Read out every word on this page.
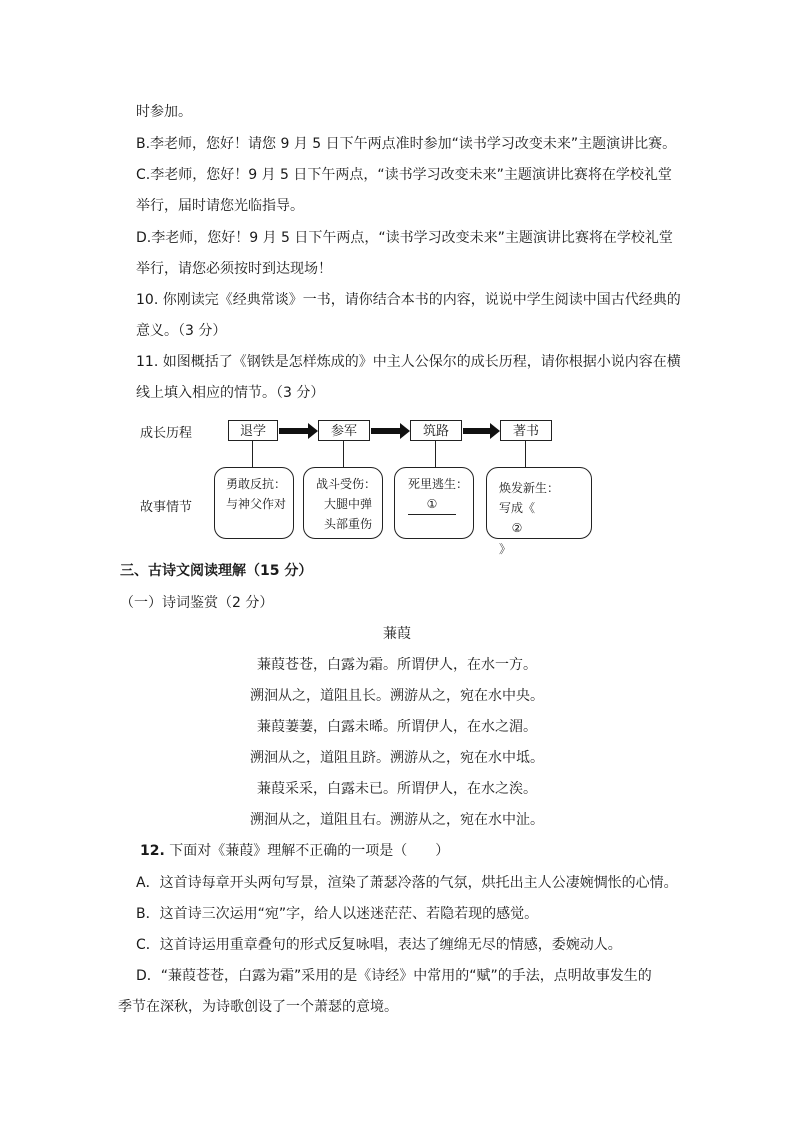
时参加。
B.李老师，您好！请您 9 月 5 日下午两点准时参加“读书学习改变未来”主题演讲比赛。
C.李老师，您好！9 月 5 日下午两点，“读书学习改变未来”主题演讲比赛将在学校礼堂
举行，届时请您光临指导。
D.李老师，您好！9 月 5 日下午两点，“读书学习改变未来”主题演讲比赛将在学校礼堂
举行，请您必须按时到达现场！
10. 你刚读完《经典常谈》一书，请你结合本书的内容，说说中学生阅读中国古代经典的
意义。（3 分）
11. 如图概括了《钢铁是怎样炼成的》中主人公保尔的成长历程，请你根据小说内容在横
线上填入相应的情节。（3 分）
成长历程
故事情节
退学	参军	筑路	著书
勇敢反抗：
与神父作对
战斗受伤：
大腿中弹
头部重伤
死里逃生：
①
焕发新生：
写成《
②
》
三、古诗文阅读理解（15 分）
（一）诗词鉴赏（2 分）
蒹葭
蒹葭苍苍，白露为霜。所谓伊人，在水一方。
溯洄从之，道阻且长。溯游从之，宛在水中央。
蒹葭萋萋，白露未晞。所谓伊人，在水之湄。
溯洄从之，道阻且跻。溯游从之，宛在水中坻。
蒹葭采采，白露未已。所谓伊人，在水之涘。
溯洄从之，道阻且右。溯游从之，宛在水中沚。
12. 下面对《蒹葭》理解不正确的一项是（　　）
A．这首诗每章开头两句写景，渲染了萧瑟冷落的气氛，烘托出主人公凄婉惆怅的心情。
B．这首诗三次运用“宛”字，给人以迷迷茫茫、若隐若现的感觉。
C．这首诗运用重章叠句的形式反复咏唱，表达了缠绵无尽的情感，委婉动人。
D．“蒹葭苍苍，白露为霜”采用的是《诗经》中常用的“赋”的手法，点明故事发生的
季节在深秋，为诗歌创设了一个萧瑟的意境。
